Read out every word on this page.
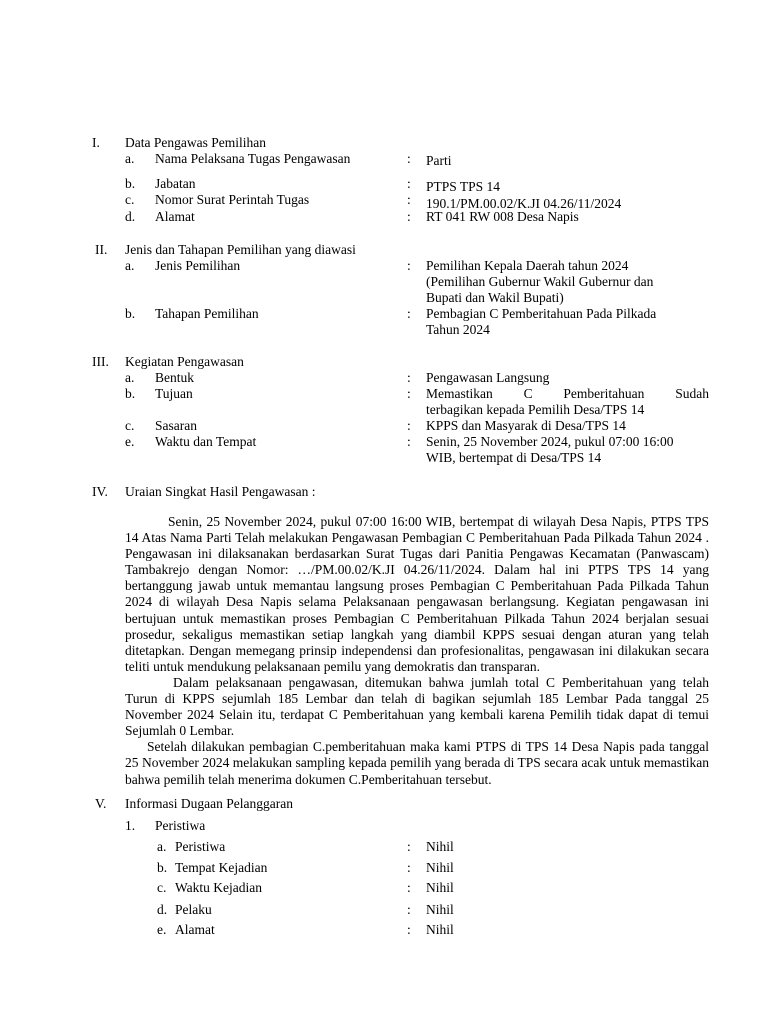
I. Data Pengawas Pemilihan
a. Nama Pelaksana Tugas Pengawasan	: Parti
b. Jabatan	: PTPS TPS 14
c. Nomor Surat Perintah Tugas	: 190.1/PM.00.02/K.JI 04.26/11/2024
d. Alamat	: RT 041 RW 008 Desa Napis
II. Jenis dan Tahapan Pemilihan yang diawasi
a. Jenis Pemilihan	: Pemilihan Kepala Daerah tahun 2024
(Pemilihan Gubernur Wakil Gubernur dan
Bupati dan Wakil Bupati)
b. Tahapan Pemilihan	: Pembagian C Pemberitahuan Pada Pilkada
Tahun 2024
III. Kegiatan Pengawasan
a. Bentuk	: Pengawasan Langsung
b. Tujuan	: Memastikan C Pemberitahuan Sudah
terbagikan kepada Pemilih Desa/TPS 14
c. Sasaran	: KPPS dan Masyarak di Desa/TPS 14
e. Waktu dan Tempat	: Senin, 25 November 2024, pukul 07:00 16:00
WIB, bertempat di Desa/TPS 14
IV. Uraian Singkat Hasil Pengawasan :

Senin, 25 November 2024, pukul 07:00 16:00 WIB, bertempat di wilayah Desa Napis, PTPS TPS 14 Atas Nama Parti Telah melakukan Pengawasan Pembagian C Pemberitahuan Pada Pilkada Tahun 2024 . Pengawasan ini dilaksanakan berdasarkan Surat Tugas dari Panitia Pengawas Kecamatan (Panwascam) Tambakrejo dengan Nomor: …/PM.00.02/K.JI 04.26/11/2024. Dalam hal ini PTPS TPS 14 yang bertanggung jawab untuk memantau langsung proses Pembagian C Pemberitahuan Pada Pilkada Tahun 2024 di wilayah Desa Napis selama Pelaksanaan pengawasan berlangsung. Kegiatan pengawasan ini bertujuan untuk memastikan proses Pembagian C Pemberitahuan Pilkada Tahun 2024 berjalan sesuai prosedur, sekaligus memastikan setiap langkah yang diambil KPPS sesuai dengan aturan yang telah ditetapkan. Dengan memegang prinsip independensi dan profesionalitas, pengawasan ini dilakukan secara teliti untuk mendukung pelaksanaan pemilu yang demokratis dan transparan.

Dalam pelaksanaan pengawasan, ditemukan bahwa jumlah total C Pemberitahuan yang telah Turun di KPPS sejumlah 185 Lembar dan telah di bagikan sejumlah 185 Lembar Pada tanggal 25 November 2024 Selain itu, terdapat C Pemberitahuan yang kembali karena Pemilih tidak dapat di temui Sejumlah 0 Lembar.

Setelah dilakukan pembagian C.pemberitahuan maka kami PTPS di TPS 14 Desa Napis pada tanggal 25 November 2024 melakukan sampling kepada pemilih yang berada di TPS secara acak untuk memastikan bahwa pemilih telah menerima dokumen C.Pemberitahuan tersebut.

V. Informasi Dugaan Pelanggaran
1. Peristiwa
a. Peristiwa	: Nihil
b. Tempat Kejadian	: Nihil
c. Waktu Kejadian	: Nihil
d. Pelaku	: Nihil
e. Alamat	: Nihil
